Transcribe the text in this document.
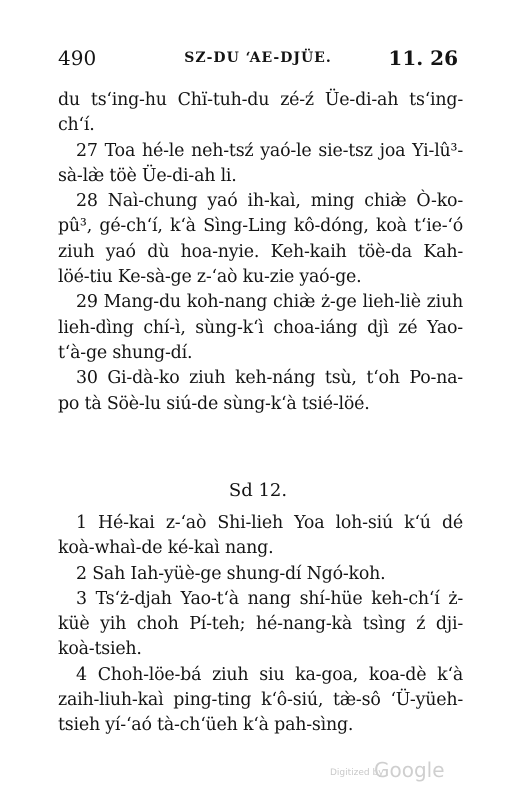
490	SZ-DU ‘AE-DJÜE.	11. 26
du ts‘ing-hu Chï-tuh-du zé-ź Üe-di-ah ts‘ing-
ch‘í.
27 Toa hé-le neh-tsź yaó-le sie-tsz joa Yi-lû³-
sà-læ̀ töè Üe-di-ah li.
28 Naì-chung yaó ih-kaì, ming chiæ̀ Ò-ko-
pû³, gé-ch‘í, k‘à Sìng-Ling kô-dóng, koà t‘ie-‘ó
ziuh yaó dù hoa-nyie. Keh-kaih töè-da Kah-
löé-tiu Ke-sà-ge z-‘aò ku-zie yaó-ge.
29 Mang-du koh-nang chiæ̀ ż-ge lieh-liè ziuh
lieh-dìng chí-ì, sùng-k‘ì choa-iáng djì zé Yao-
t‘à-ge shung-dí.
30 Gi-dà-ko ziuh keh-náng tsù, t‘oh Po-na-
po tà Söè-lu siú-de sùng-k‘à tsié-löé.
Sd 12.
1 Hé-kai z-‘aò Shi-lieh Yoa loh-siú k‘ú dé
koà-whaì-de ké-kaì nang.
2 Sah Iah-yüè-ge shung-dí Ngó-koh.
3 Ts‘ż-djah Yao-t‘à nang shí-hüe keh-ch‘í ż-
küè yih choh Pí-teh; hé-nang-kà tsìng ź dji-
koà-tsieh.
4 Choh-löe-bá ziuh siu ka-goa, koa-dè k‘à
zaih-liuh-kaì ping-ting k‘ô-siú, tæ̀-sô ‘Ü-yüeh-
tsieh yí-‘aó tà-ch‘üeh k‘à pah-sìng.
Digitized by
Google
